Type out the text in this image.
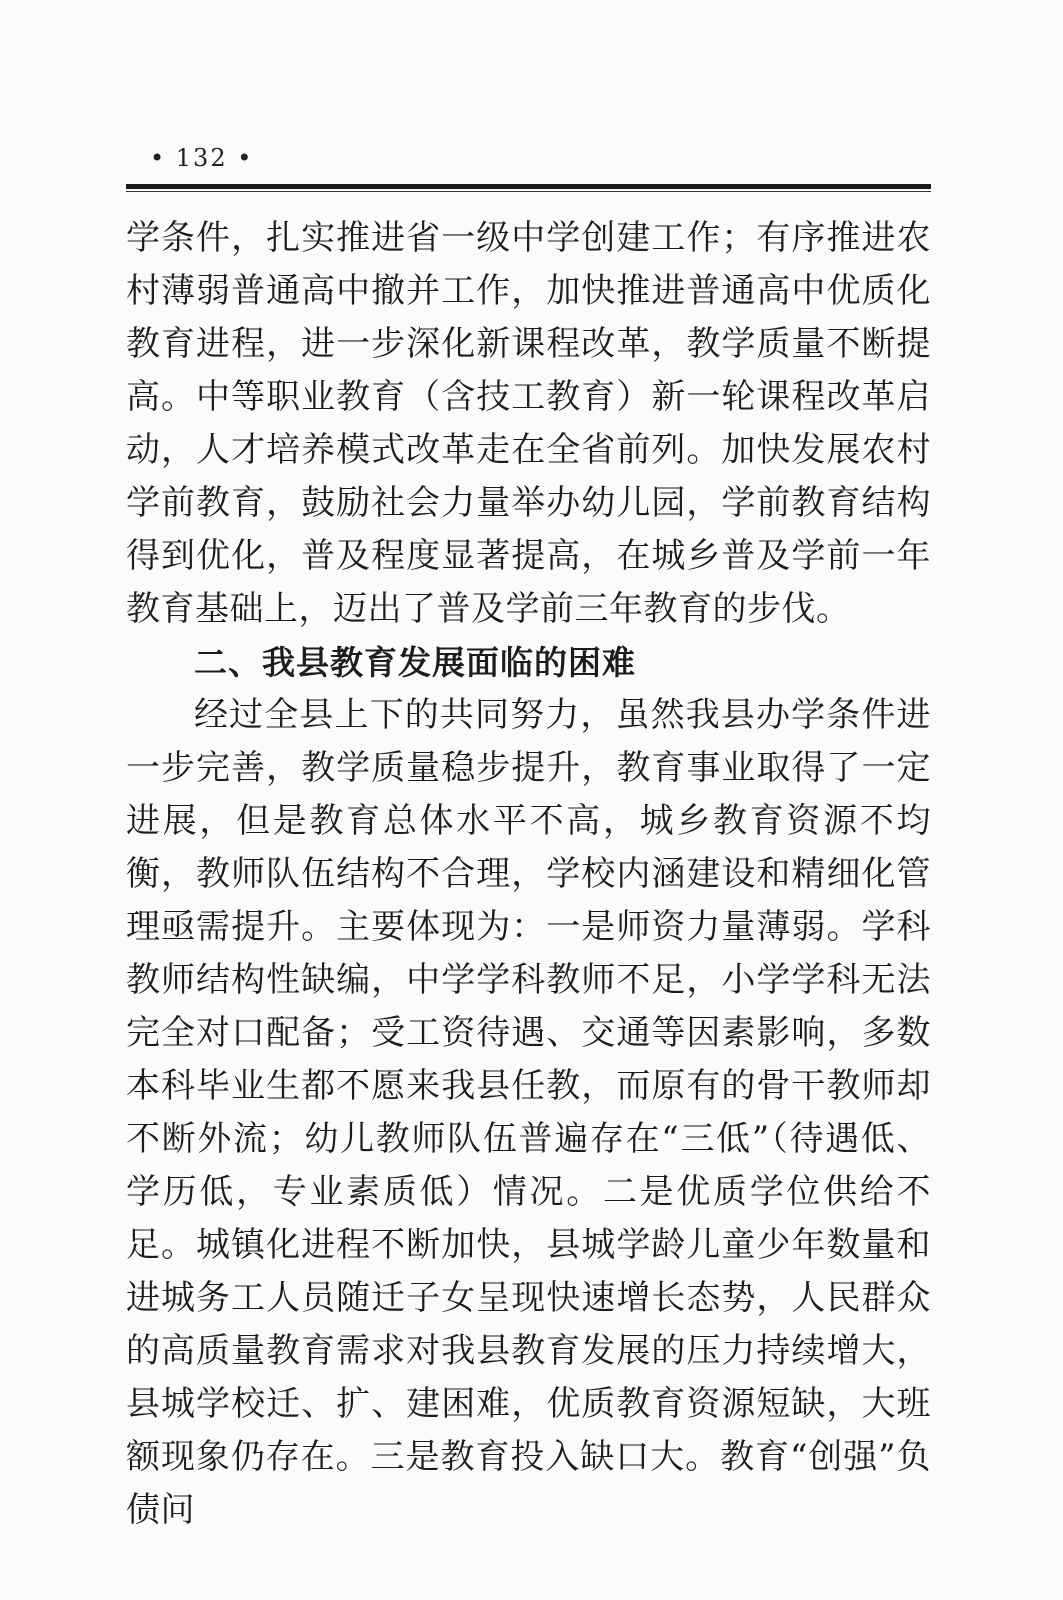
• 132 •

学条件，扎实推进省一级中学创建工作；有序推进农村薄弱普通高中撤并工作，加快推进普通高中优质化教育进程，进一步深化新课程改革，教学质量不断提高。中等职业教育（含技工教育）新一轮课程改革启动，人才培养模式改革走在全省前列。加快发展农村学前教育，鼓励社会力量举办幼儿园，学前教育结构得到优化，普及程度显著提高，在城乡普及学前一年教育基础上，迈出了普及学前三年教育的步伐。

二、我县教育发展面临的困难

经过全县上下的共同努力，虽然我县办学条件进一步完善，教学质量稳步提升，教育事业取得了一定进展，但是教育总体水平不高，城乡教育资源不均衡，教师队伍结构不合理，学校内涵建设和精细化管理亟需提升。主要体现为：一是师资力量薄弱。学科教师结构性缺编，中学学科教师不足，小学学科无法完全对口配备；受工资待遇、交通等因素影响，多数本科毕业生都不愿来我县任教，而原有的骨干教师却不断外流；幼儿教师队伍普遍存在“三低”（待遇低、学历低，专业素质低）情况。二是优质学位供给不足。城镇化进程不断加快，县城学龄儿童少年数量和进城务工人员随迁子女呈现快速增长态势，人民群众的高质量教育需求对我县教育发展的压力持续增大，县城学校迁、扩、建困难，优质教育资源短缺，大班额现象仍存在。三是教育投入缺口大。教育“创强”负债问
